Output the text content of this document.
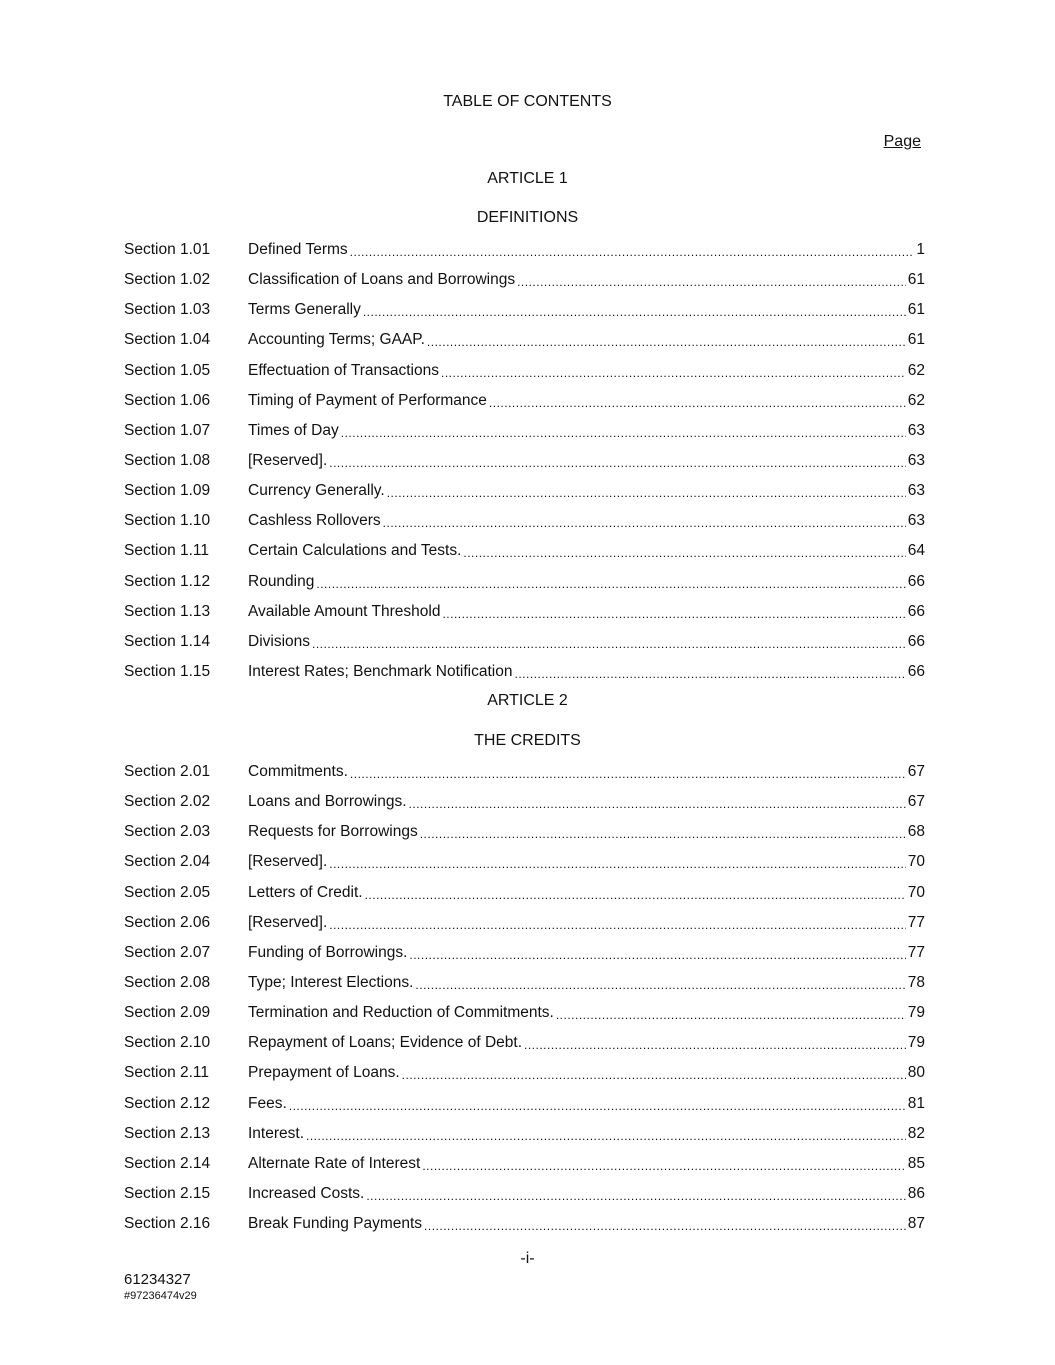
TABLE OF CONTENTS
Page
ARTICLE 1
DEFINITIONS
Section 1.01	Defined Terms .....	1
Section 1.02	Classification of Loans and Borrowings .....	61
Section 1.03	Terms Generally .....	61
Section 1.04	Accounting Terms; GAAP. .....	61
Section 1.05	Effectuation of Transactions .....	62
Section 1.06	Timing of Payment of Performance .....	62
Section 1.07	Times of Day .....	63
Section 1.08	[Reserved]. .....	63
Section 1.09	Currency Generally. .....	63
Section 1.10	Cashless Rollovers .....	63
Section 1.11	Certain Calculations and Tests. .....	64
Section 1.12	Rounding .....	66
Section 1.13	Available Amount Threshold .....	66
Section 1.14	Divisions .....	66
Section 1.15	Interest Rates; Benchmark Notification .....	66
ARTICLE 2
THE CREDITS
Section 2.01	Commitments. .....	67
Section 2.02	Loans and Borrowings. .....	67
Section 2.03	Requests for Borrowings .....	68
Section 2.04	[Reserved]. .....	70
Section 2.05	Letters of Credit. .....	70
Section 2.06	[Reserved]. .....	77
Section 2.07	Funding of Borrowings. .....	77
Section 2.08	Type; Interest Elections. .....	78
Section 2.09	Termination and Reduction of Commitments. .....	79
Section 2.10	Repayment of Loans; Evidence of Debt. .....	79
Section 2.11	Prepayment of Loans. .....	80
Section 2.12	Fees. .....	81
Section 2.13	Interest. .....	82
Section 2.14	Alternate Rate of Interest .....	85
Section 2.15	Increased Costs. .....	86
Section 2.16	Break Funding Payments .....	87
-i-
61234327
#97236474v29
